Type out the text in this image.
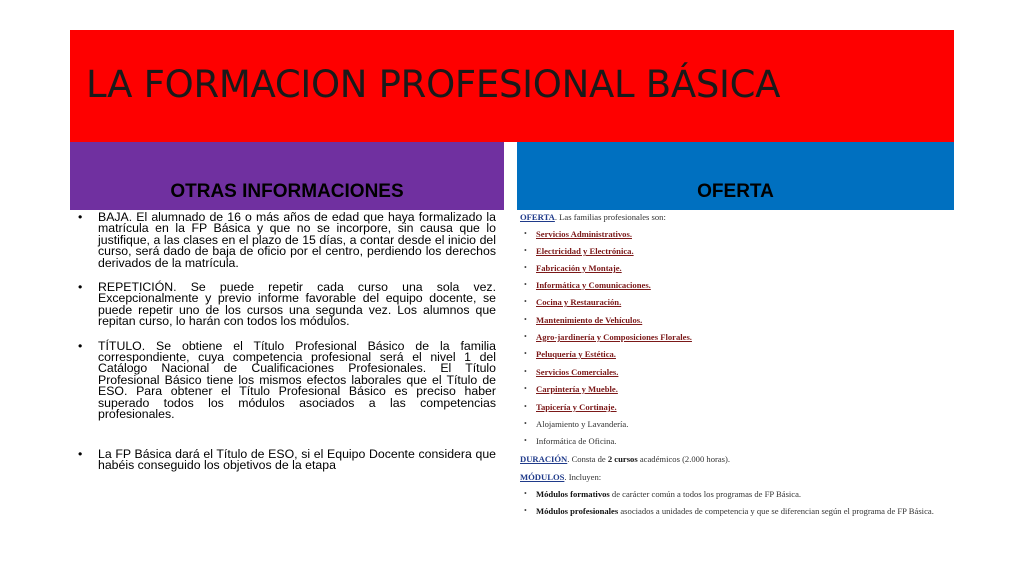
LA FORMACION PROFESIONAL BÁSICA
OTRAS INFORMACIONES	OFERTA
• BAJA. El alumnado de 16 o más años de edad que haya formalizado la matrícula en la FP Básica y que no se incorpore, sin causa que lo justifique, a las clases en el plazo de 15 días, a contar desde el inicio del curso, será dado de baja de oficio por el centro, perdiendo los derechos derivados de la matrícula.
• REPETICIÓN. Se puede repetir cada curso una sola vez. Excepcionalmente y previo informe favorable del equipo docente, se puede repetir uno de los cursos una segunda vez. Los alumnos que repitan curso, lo harán con todos los módulos.
• TÍTULO. Se obtiene el Título Profesional Básico de la familia correspondiente, cuya competencia profesional será el nivel 1 del Catálogo Nacional de Cualificaciones Profesionales. El Título Profesional Básico tiene los mismos efectos laborales que el Título de ESO. Para obtener el Título Profesional Básico es preciso haber superado todos los módulos asociados a las competencias profesionales.
• La FP Básica dará el Título de ESO, si el Equipo Docente considera que habéis conseguido los objetivos de la etapa
OFERTA. Las familias profesionales son:
• Servicios Administrativos.
• Electricidad y Electrónica.
• Fabricación y Montaje.
• Informática y Comunicaciones.
• Cocina y Restauración.
• Mantenimiento de Vehículos.
• Agro-jardinería y Composiciones Florales.
• Peluquería y Estética.
• Servicios Comerciales.
• Carpintería y Mueble.
• Tapicería y Cortinaje.
• Alojamiento y Lavandería.
• Informática de Oficina.
DURACIÓN. Consta de 2 cursos académicos (2.000 horas).
MÓDULOS. Incluyen:
• Módulos formativos de carácter común a todos los programas de FP Básica.
• Módulos profesionales asociados a unidades de competencia y que se diferencian según el programa de FP Básica.
